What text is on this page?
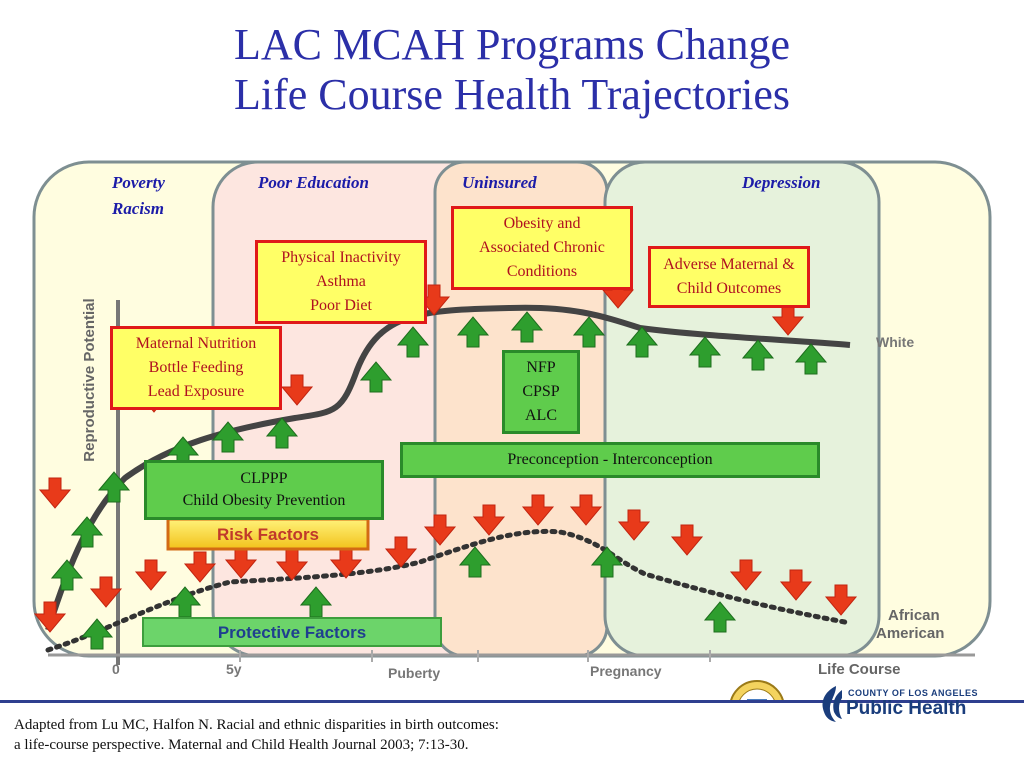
LAC MCAH Programs Change
Life Course Health Trajectories
Reproductive Potential
Risk Factors
Protective Factors
White
African
American
0	5y	Puberty	Pregnancy	Life Course
Poverty
Racism
Poor Education	Uninsured	Depression
Maternal Nutrition
Bottle Feeding
Lead Exposure
Physical Inactivity
Asthma
Poor Diet
Obesity and
Associated Chronic
Conditions	Adverse Maternal &
Child Outcomes
NFP
CPSP
ALC
Preconception - Interconception
CLPPP
Child Obesity Prevention
Adapted from Lu MC, Halfon N. Racial and ethnic disparities in birth outcomes:
a life-course perspective. Maternal and Child Health Journal 2003; 7:13-30.
COUNTY OF LOS ANGELES
Public Health
